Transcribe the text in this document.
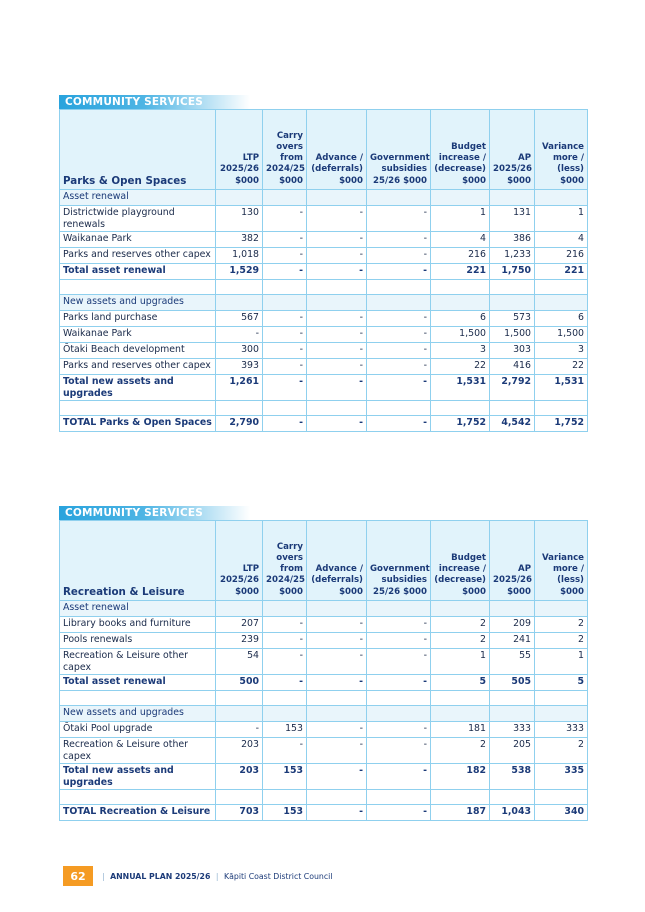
COMMUNITY SERVICES
Parks & Open Spaces	LTP 2025/26 $000	Carry overs from 2024/25 $000	Advance / (deferrals) $000	Government subsidies 25/26 $000	Budget increase / (decrease) $000	AP 2025/26 $000	Variance more / (less) $000
Asset renewal							
Districtwide playground renewals	130	-	-	-	1	131	1
Waikanae Park	382	-	-	-	4	386	4
Parks and reserves other capex	1,018	-	-	-	216	1,233	216
Total asset renewal	1,529	-	-	-	221	1,750	221

New assets and upgrades							
Parks land purchase	567	-	-	-	6	573	6
Waikanae Park	-	-	-	-	1,500	1,500	1,500
Ōtaki Beach development	300	-	-	-	3	303	3
Parks and reserves other capex	393	-	-	-	22	416	22
Total new assets and upgrades	1,261	-	-	-	1,531	2,792	1,531

TOTAL Parks & Open Spaces	2,790	-	-	-	1,752	4,542	1,752
COMMUNITY SERVICES
Recreation & Leisure	LTP 2025/26 $000	Carry overs from 2024/25 $000	Advance / (deferrals) $000	Government subsidies 25/26 $000	Budget increase / (decrease) $000	AP 2025/26 $000	Variance more / (less) $000
Asset renewal							
Library books and furniture	207	-	-	-	2	209	2
Pools renewals	239	-	-	-	2	241	2
Recreation & Leisure other capex	54	-	-	-	1	55	1
Total asset renewal	500	-	-	-	5	505	5

New assets and upgrades							
Ōtaki Pool upgrade	-	153	-	-	181	333	333
Recreation & Leisure other capex	203	-	-	-	2	205	2
Total new assets and upgrades	203	153	-	-	182	538	335

TOTAL Recreation & Leisure	703	153	-	-	187	1,043	340
62	| ANNUAL PLAN 2025/26 | Kāpiti Coast District Council
